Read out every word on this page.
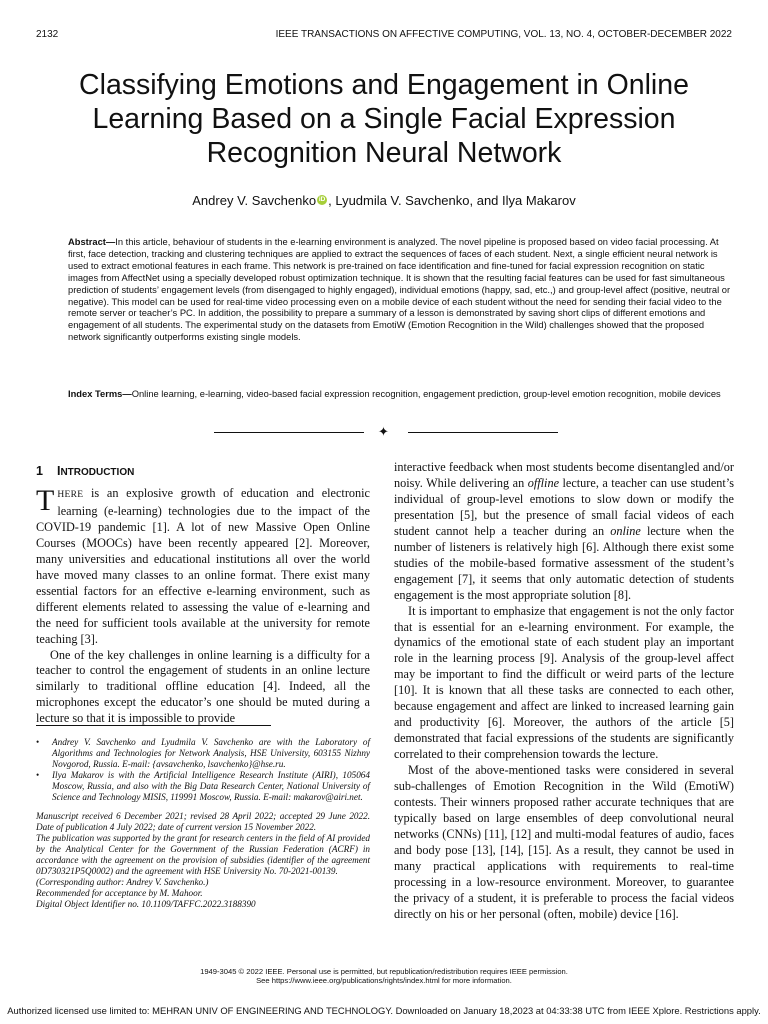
2132	IEEE TRANSACTIONS ON AFFECTIVE COMPUTING, VOL. 13, NO. 4, OCTOBER-DECEMBER 2022
Classifying Emotions and Engagement in Online
Learning Based on a Single Facial Expression
Recognition Neural Network
Andrey V. Savchenko iD , Lyudmila V. Savchenko, and Ilya Makarov
Abstract—In this article, behaviour of students in the e-learning environment is analyzed. The novel pipeline is proposed based on video facial processing. At first, face detection, tracking and clustering techniques are applied to extract the sequences of faces of each student. Next, a single efficient neural network is used to extract emotional features in each frame. This network is pre-trained on face identification and fine-tuned for facial expression recognition on static images from AffectNet using a specially developed robust optimization technique. It is shown that the resulting facial features can be used for fast simultaneous prediction of students’ engagement levels (from disengaged to highly engaged), individual emotions (happy, sad, etc.,) and group-level affect (positive, neutral or negative). This model can be used for real-time video processing even on a mobile device of each student without the need for sending their facial video to the remote server or teacher’s PC. In addition, the possibility to prepare a summary of a lesson is demonstrated by saving short clips of different emotions and engagement of all students. The experimental study on the datasets from EmotiW (Emotion Recognition in the Wild) challenges showed that the proposed network significantly outperforms existing single models.
Index Terms—Online learning, e-learning, video-based facial expression recognition, engagement prediction, group-level emotion recognition, mobile devices
✦
1 INTRODUCTION

THERE is an explosive growth of education and electronic learning (e-learning) technologies due to the impact of the COVID-19 pandemic [1]. A lot of new Massive Open Online Courses (MOOCs) have been recently appeared [2]. Moreover, many universities and educational institutions all over the world have moved many classes to an online format. There exist many essential factors for an effective e-learning environment, such as different elements related to assessing the value of e-learning and the need for sufficient tools available at the university for remote teaching [3].

One of the key challenges in online learning is a difficulty for a teacher to control the engagement of students in an online lecture similarly to traditional offline education [4]. Indeed, all the microphones except the educator’s one should be muted during a lecture so that it is impossible to provide

• Andrey V. Savchenko and Lyudmila V. Savchenko are with the Laboratory of Algorithms and Technologies for Network Analysis, HSE University, 603155 Nizhny Novgorod, Russia. E-mail: {avsavchenko, lsavchenko}@hse.ru.

• Ilya Makarov is with the Artificial Intelligence Research Institute (AIRI), 105064 Moscow, Russia, and also with the Big Data Research Center, National University of Science and Technology MISIS, 119991 Moscow, Russia. E-mail: makarov@airi.net.

Manuscript received 6 December 2021; revised 28 April 2022; accepted 29 June 2022. Date of publication 4 July 2022; date of current version 15 November 2022.

The publication was supported by the grant for research centers in the field of AI provided by the Analytical Center for the Government of the Russian Federation (ACRF) in accordance with the agreement on the provision of subsidies (identifier of the agreement 0D730321P5Q0002) and the agreement with HSE University No. 70-2021-00139.

(Corresponding author: Andrey V. Savchenko.)

Recommended for acceptance by M. Mahoor.

Digital Object Identifier no. 10.1109/TAFFC.2022.3188390

interactive feedback when most students become disentangled and/or noisy. While delivering an offline lecture, a teacher can use student’s individual of group-level emotions to slow down or modify the presentation [5], but the presence of small facial videos of each student cannot help a teacher during an online lecture when the number of listeners is relatively high [6]. Although there exist some studies of the mobile-based formative assessment of the student’s engagement [7], it seems that only automatic detection of students engagement is the most appropriate solution [8].

It is important to emphasize that engagement is not the only factor that is essential for an e-learning environment. For example, the dynamics of the emotional state of each student play an important role in the learning process [9]. Analysis of the group-level affect may be important to find the difficult or weird parts of the lecture [10]. It is known that all these tasks are connected to each other, because engagement and affect are linked to increased learning gain and productivity [6]. Moreover, the authors of the article [5] demonstrated that facial expressions of the students are significantly correlated to their comprehension towards the lecture.

Most of the above-mentioned tasks were considered in several sub-challenges of Emotion Recognition in the Wild (EmotiW) contests. Their winners proposed rather accurate techniques that are typically based on large ensembles of deep convolutional neural networks (CNNs) [11], [12] and multi-modal features of audio, faces and body pose [13], [14], [15]. As a result, they cannot be used in many practical applications with requirements to real-time processing in a low-resource environment. Moreover, to guarantee the privacy of a student, it is preferable to process the facial videos directly on his or her personal (often, mobile) device [16].

1949-3045 © 2022 IEEE. Personal use is permitted, but republication/redistribution requires IEEE permission.
See https://www.ieee.org/publications/rights/index.html for more information.
Authorized licensed use limited to: MEHRAN UNIV OF ENGINEERING AND TECHNOLOGY. Downloaded on January 18,2023 at 04:33:38 UTC from IEEE Xplore. Restrictions apply.
